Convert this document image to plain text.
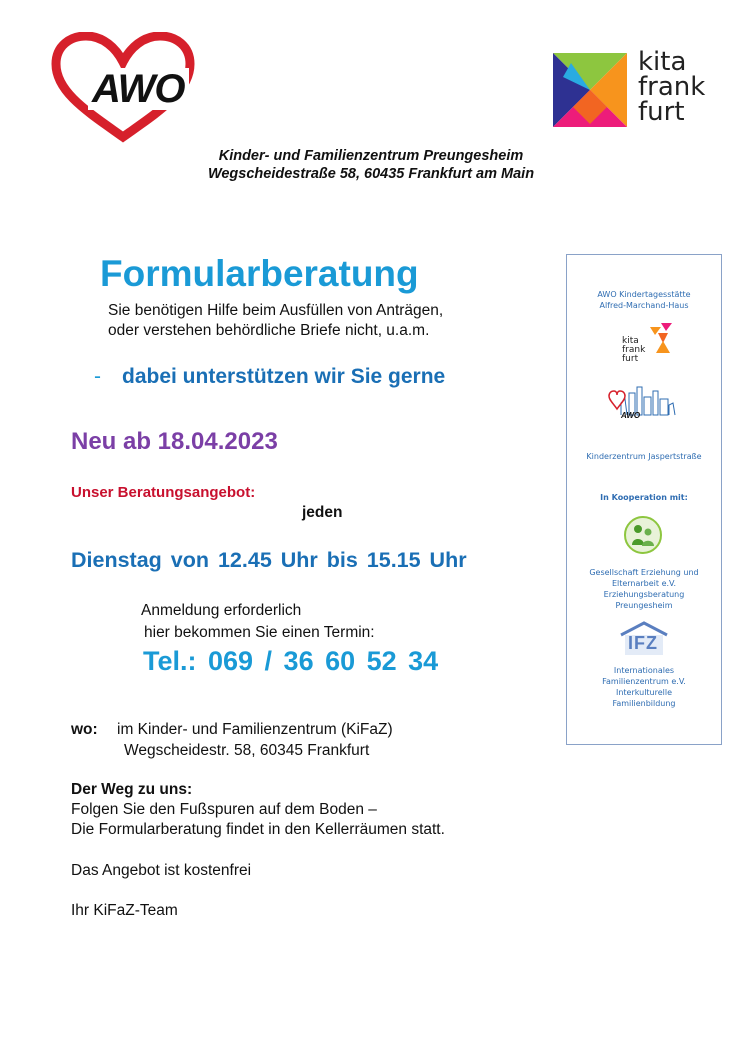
AWO
kita
frank
furt
Kinder- und Familienzentrum Preungesheim
Wegscheidestraße 58, 60435 Frankfurt am Main
Formularberatung
Sie benötigen Hilfe beim Ausfüllen von Anträgen,
oder verstehen behördliche Briefe nicht, u.a.m.
- dabei unterstützen wir Sie gerne
Neu ab 18.04.2023
Unser Beratungsangebot:
jeden
Dienstag von 12.45 Uhr bis 15.15 Uhr
Anmeldung erforderlich
hier bekommen Sie einen Termin:
Tel.: 069 / 36 60 52 34
wo: im Kinder- und Familienzentrum (KiFaZ)
Wegscheidestr. 58, 60345 Frankfurt
Der Weg zu uns:
Folgen Sie den Fußspuren auf dem Boden –
Die Formularberatung findet in den Kellerräumen statt.
Das Angebot ist kostenfrei
Ihr KiFaZ-Team
AWO Kindertagesstätte
Alfred-Marchand-Haus
kita
frank
furt
AWO
Kinderzentrum Jaspertstraße
In Kooperation mit:
Gesellschaft Erziehung und
Elternarbeit e.V.
Erziehungsberatung
Preungesheim
IFZ
Internationales
Familienzentrum e.V.
Interkulturelle
Familienbildung
